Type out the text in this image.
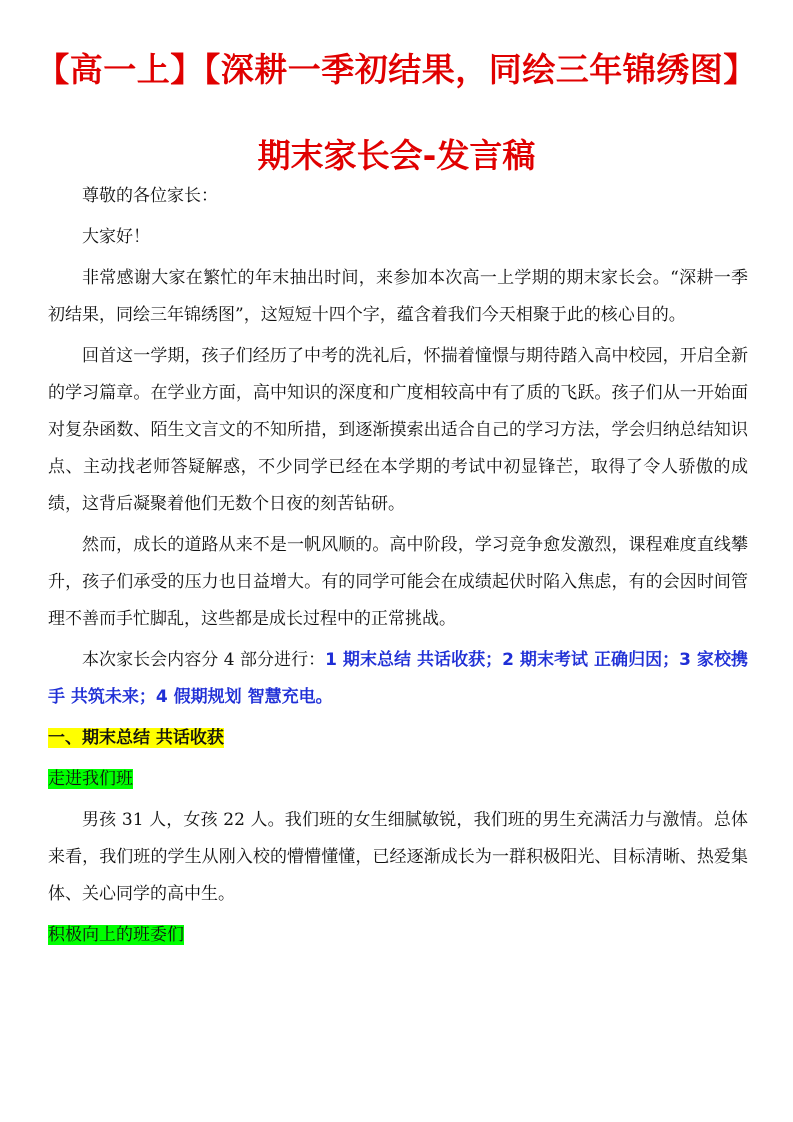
【高一上】【深耕一季初结果，同绘三年锦绣图】
期末家长会-发言稿

尊敬的各位家长：

大家好！

非常感谢大家在繁忙的年末抽出时间，来参加本次高一上学期的期末家长会。“深耕一季初结果，同绘三年锦绣图”，这短短十四个字，蕴含着我们今天相聚于此的核心目的。

回首这一学期，孩子们经历了中考的洗礼后，怀揣着憧憬与期待踏入高中校园，开启全新的学习篇章。在学业方面，高中知识的深度和广度相较高中有了质的飞跃。孩子们从一开始面对复杂函数、陌生文言文的不知所措，到逐渐摸索出适合自己的学习方法，学会归纳总结知识点、主动找老师答疑解惑，不少同学已经在本学期的考试中初显锋芒，取得了令人骄傲的成绩，这背后凝聚着他们无数个日夜的刻苦钻研。

然而，成长的道路从来不是一帆风顺的。高中阶段，学习竞争愈发激烈，课程难度直线攀升，孩子们承受的压力也日益增大。有的同学可能会在成绩起伏时陷入焦虑，有的会因时间管理不善而手忙脚乱，这些都是成长过程中的正常挑战。

本次家长会内容分 4 部分进行：1 期末总结 共话收获；2 期末考试 正确归因；3 家校携手 共筑未来；4 假期规划 智慧充电。

一、期末总结 共话收获
走进我们班

男孩 31 人，女孩 22 人。我们班的女生细腻敏锐，我们班的男生充满活力与激情。总体来看，我们班的学生从刚入校的懵懵懂懂，已经逐渐成长为一群积极阳光、目标清晰、热爱集体、关心同学的高中生。

积极向上的班委们
